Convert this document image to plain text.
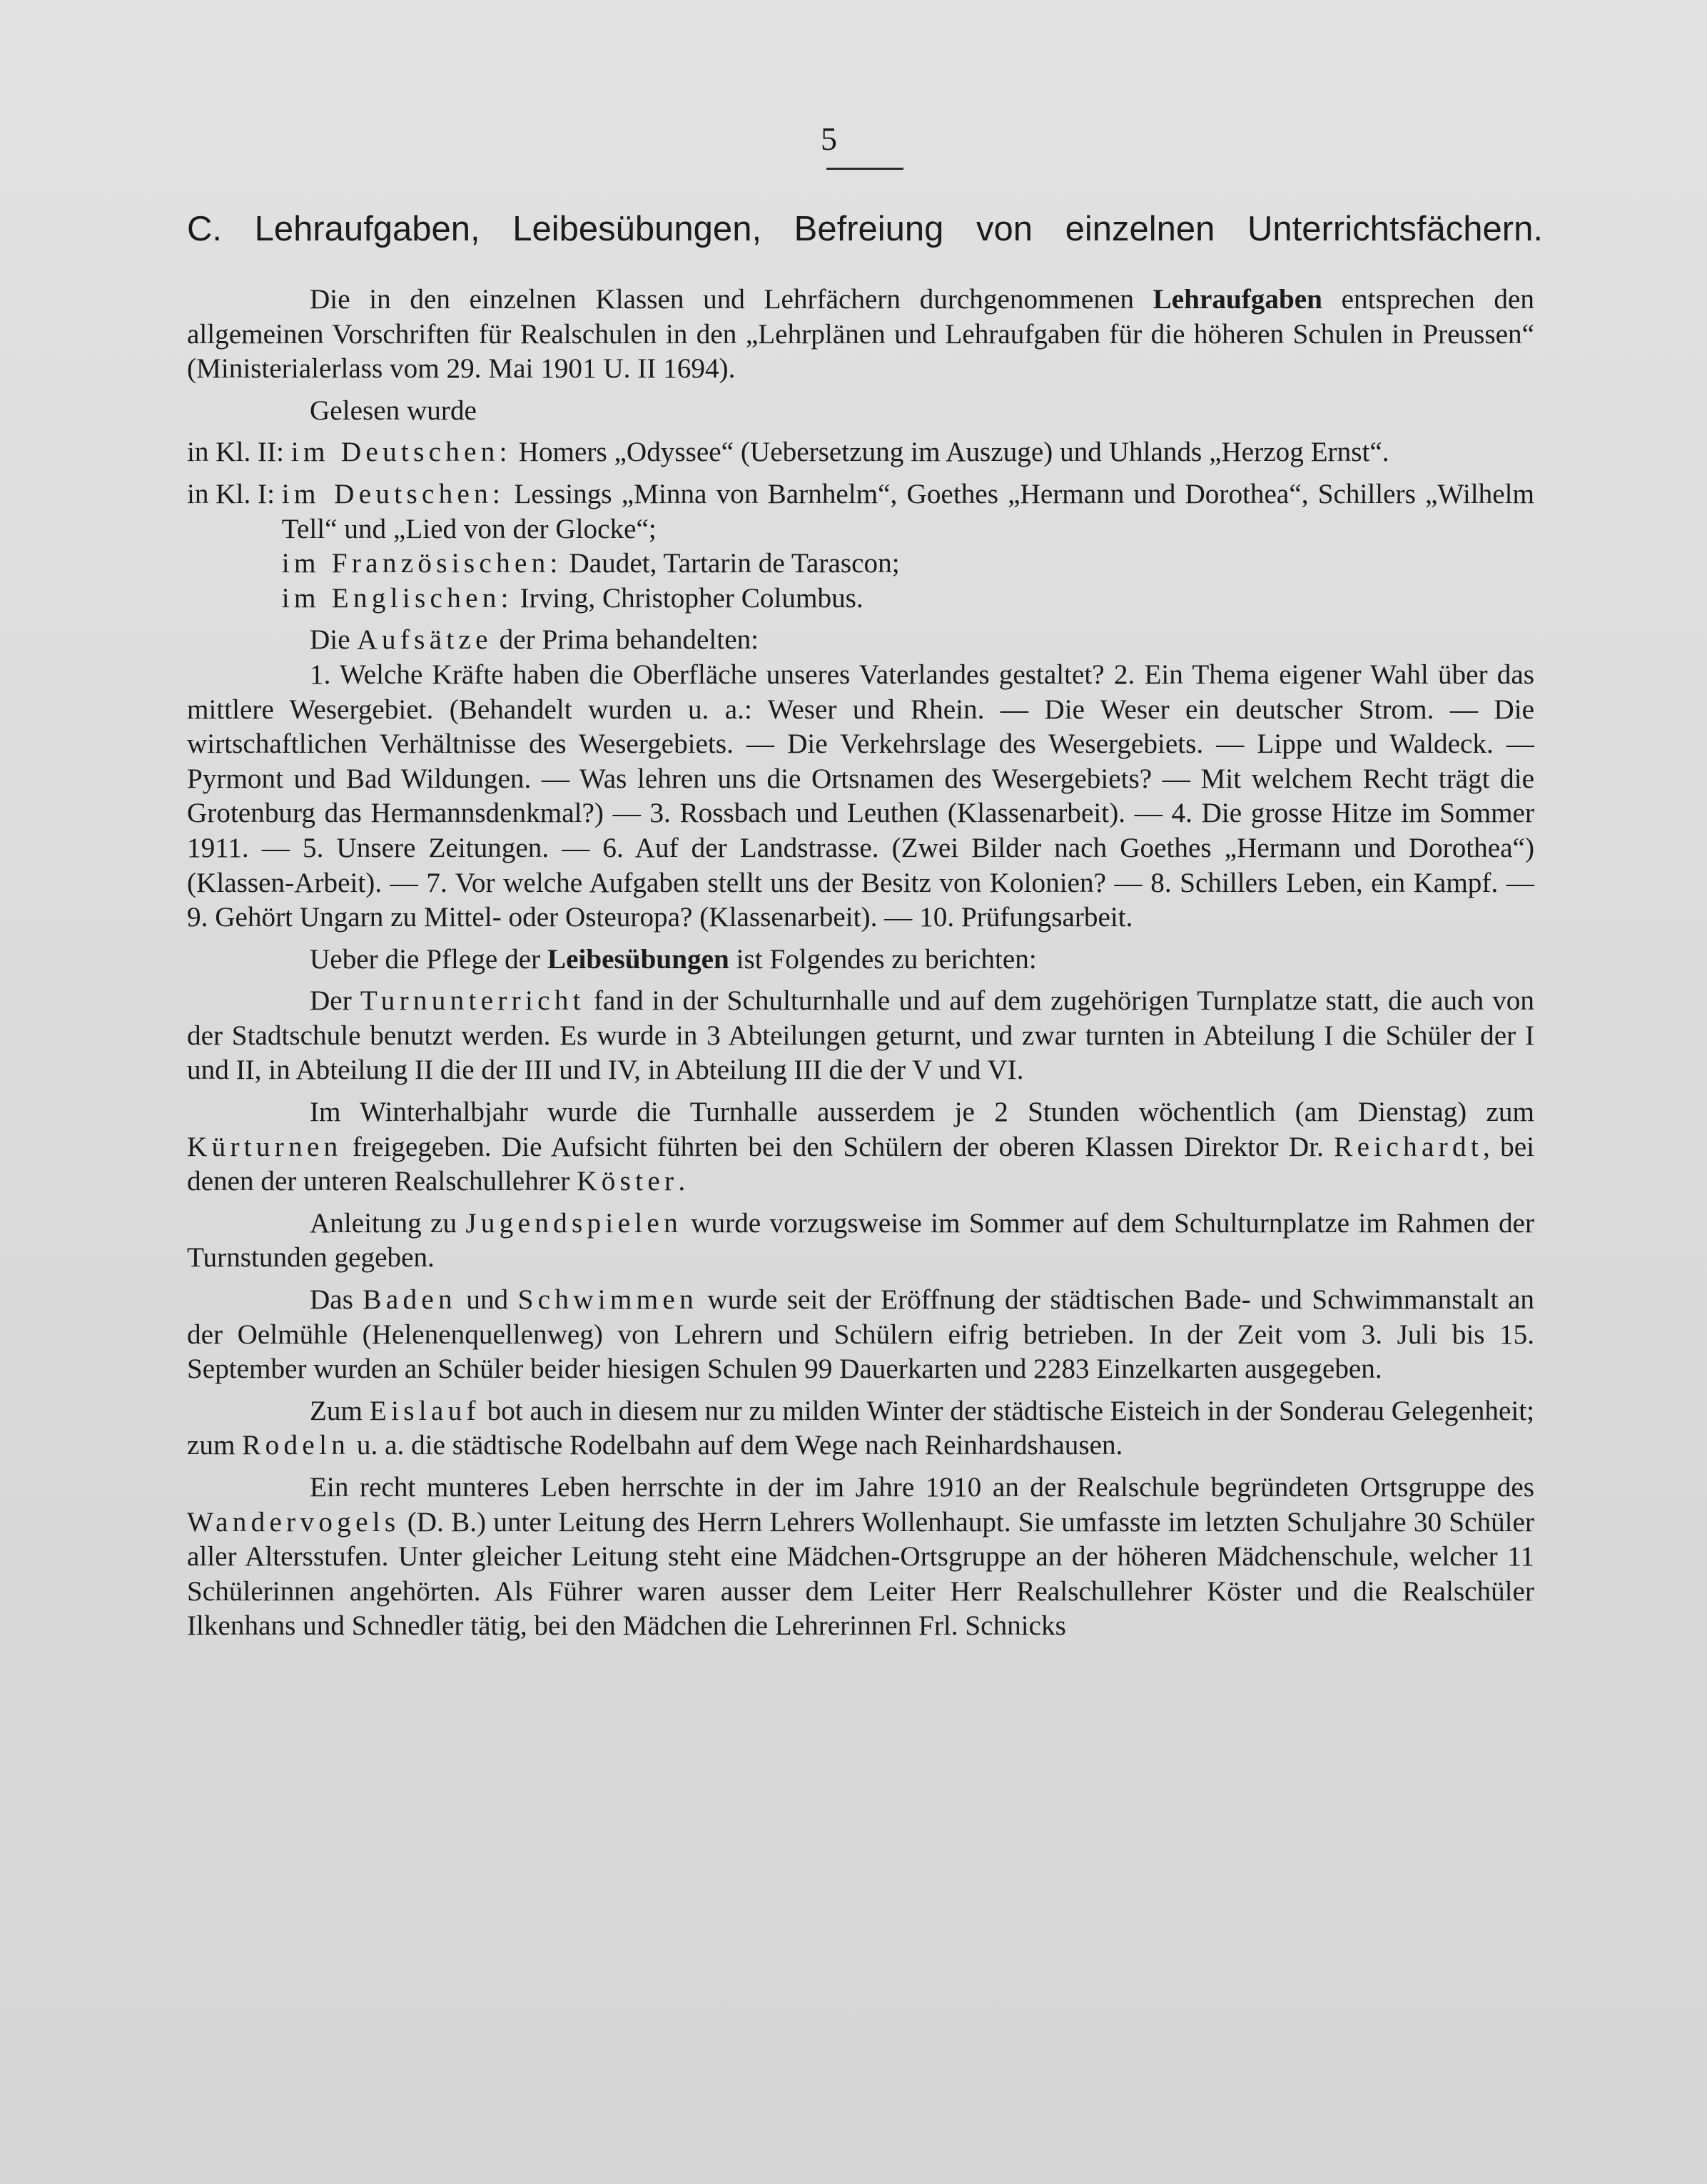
5
C. Lehraufgaben, Leibesübungen, Befreiung von einzelnen Unterrichtsfächern.

Die in den einzelnen Klassen und Lehrfächern durchgenommenen Lehraufgaben entsprechen den allgemeinen Vorschriften für Realschulen in den „Lehrplänen und Lehraufgaben für die höheren Schulen in Preussen“ (Ministerialerlass vom 29. Mai 1901 U. II 1694).

Gelesen wurde

in Kl. II: im Deutschen: Homers „Odyssee“ (Uebersetzung im Auszuge) und Uhlands „Herzog Ernst“.
in Kl. I: im Deutschen: Lessings „Minna von Barnhelm“, Goethes „Hermann und Dorothea“, Schillers „Wilhelm Tell“ und „Lied von der Glocke“;
im Französischen: Daudet, Tartarin de Tarascon;
im Englischen: Irving, Christopher Columbus.

Die Aufsätze der Prima behandelten:

1. Welche Kräfte haben die Oberfläche unseres Vaterlandes gestaltet? 2. Ein Thema eigener Wahl über das mittlere Wesergebiet. (Behandelt wurden u. a.: Weser und Rhein. — Die Weser ein deutscher Strom. — Die wirtschaftlichen Verhältnisse des Wesergebiets. — Die Verkehrslage des Wesergebiets. — Lippe und Waldeck. — Pyrmont und Bad Wildungen. — Was lehren uns die Ortsnamen des Wesergebiets? — Mit welchem Recht trägt die Grotenburg das Hermannsdenkmal?) — 3. Rossbach und Leuthen (Klassenarbeit). — 4. Die grosse Hitze im Sommer 1911. — 5. Unsere Zeitungen. — 6. Auf der Landstrasse. (Zwei Bilder nach Goethes „Hermann und Dorothea“) (Klassen-Arbeit). — 7. Vor welche Aufgaben stellt uns der Besitz von Kolonien? — 8. Schillers Leben, ein Kampf. — 9. Gehört Ungarn zu Mittel- oder Osteuropa? (Klassenarbeit). — 10. Prüfungsarbeit.

Ueber die Pflege der Leibesübungen ist Folgendes zu berichten:

Der Turnunterricht fand in der Schulturnhalle und auf dem zugehörigen Turnplatze statt, die auch von der Stadtschule benutzt werden. Es wurde in 3 Abteilungen geturnt, und zwar turnten in Abteilung I die Schüler der I und II, in Abteilung II die der III und IV, in Abteilung III die der V und VI.

Im Winterhalbjahr wurde die Turnhalle ausserdem je 2 Stunden wöchentlich (am Dienstag) zum Kürturnen freigegeben. Die Aufsicht führten bei den Schülern der oberen Klassen Direktor Dr. Reichardt, bei denen der unteren Realschullehrer Köster.

Anleitung zu Jugendspielen wurde vorzugsweise im Sommer auf dem Schulturnplatze im Rahmen der Turnstunden gegeben.

Das Baden und Schwimmen wurde seit der Eröffnung der städtischen Bade- und Schwimmanstalt an der Oelmühle (Helenenquellenweg) von Lehrern und Schülern eifrig betrieben. In der Zeit vom 3. Juli bis 15. September wurden an Schüler beider hiesigen Schulen 99 Dauerkarten und 2283 Einzelkarten ausgegeben.

Zum Eislauf bot auch in diesem nur zu milden Winter der städtische Eisteich in der Sonderau Gelegenheit; zum Rodeln u. a. die städtische Rodelbahn auf dem Wege nach Reinhardshausen.

Ein recht munteres Leben herrschte in der im Jahre 1910 an der Realschule begründeten Ortsgruppe des Wandervogels (D. B.) unter Leitung des Herrn Lehrers Wollenhaupt. Sie umfasste im letzten Schuljahre 30 Schüler aller Altersstufen. Unter gleicher Leitung steht eine Mädchen-Ortsgruppe an der höheren Mädchenschule, welcher 11 Schülerinnen angehörten. Als Führer waren ausser dem Leiter Herr Realschullehrer Köster und die Realschüler Ilkenhans und Schnedler tätig, bei den Mädchen die Lehrerinnen Frl. Schnicks
